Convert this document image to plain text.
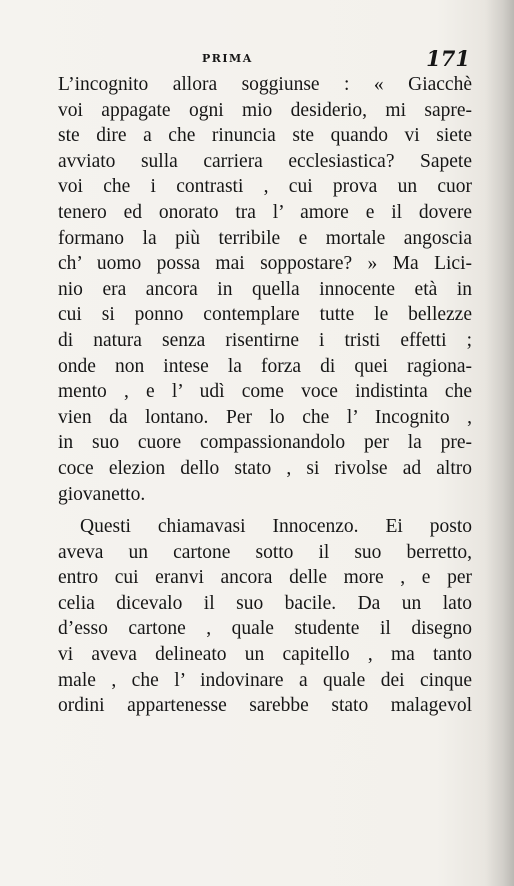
PRIMA	171
L’incognito allora soggiunse : « Giacchè
voi appagate ogni mio desiderio, mi sapre-
ste dire a che rinuncia ste quando vi siete
avviato sulla carriera ecclesiastica? Sapete
voi che i contrasti , cui prova un cuor
tenero ed onorato tra l’ amore e il dovere
formano la più terribile e mortale angoscia
ch’ uomo possa mai soppostare? » Ma Lici-
nio era ancora in quella innocente età in
cui si ponno contemplare tutte le bellezze
di natura senza risentirne i tristi effetti ;
onde non intese la forza di quei ragiona-
mento , e l’ udì come voce indistinta che
vien da lontano. Per lo che l’ Incognito ,
in suo cuore compassionandolo per la pre-
coce elezion dello stato , si rivolse ad altro
giovanetto.
Questi chiamavasi Innocenzo. Ei posto
aveva un cartone sotto il suo berretto,
entro cui eranvi ancora delle more , e per
celia dicevalo il suo bacile. Da un lato
d’esso cartone , quale studente il disegno
vi aveva delineato un capitello , ma tanto
male , che l’ indovinare a quale dei cinque
ordini appartenesse sarebbe stato malagevol
